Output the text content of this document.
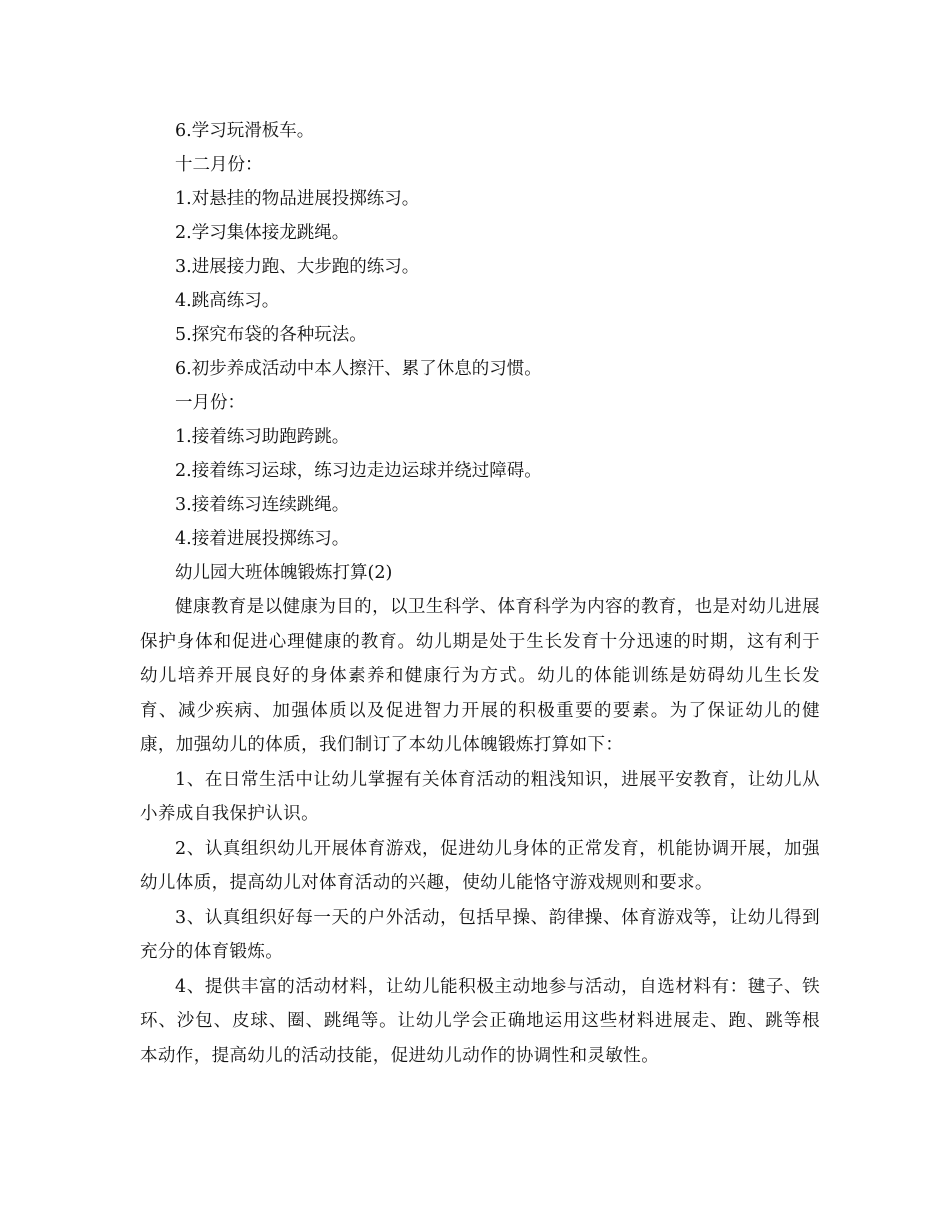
6.学习玩滑板车。
十二月份：
1.对悬挂的物品进展投掷练习。
2.学习集体接龙跳绳。
3.进展接力跑、大步跑的练习。
4.跳高练习。
5.探究布袋的各种玩法。
6.初步养成活动中本人擦汗、累了休息的习惯。
一月份：
1.接着练习助跑跨跳。
2.接着练习运球，练习边走边运球并绕过障碍。
3.接着练习连续跳绳。
4.接着进展投掷练习。
幼儿园大班体魄锻炼打算(2)

健康教育是以健康为目的，以卫生科学、体育科学为内容的教育，也是对幼儿进展保护身体和促进心理健康的教育。幼儿期是处于生长发育十分迅速的时期，这有利于幼儿培养开展良好的身体素养和健康行为方式。幼儿的体能训练是妨碍幼儿生长发育、减少疾病、加强体质以及促进智力开展的积极重要的要素。为了保证幼儿的健康，加强幼儿的体质，我们制订了本幼儿体魄锻炼打算如下：

1、在日常生活中让幼儿掌握有关体育活动的粗浅知识，进展平安教育，让幼儿从小养成自我保护认识。

2、认真组织幼儿开展体育游戏，促进幼儿身体的正常发育，机能协调开展，加强幼儿体质，提高幼儿对体育活动的兴趣，使幼儿能恪守游戏规则和要求。

3、认真组织好每一天的户外活动，包括早操、韵律操、体育游戏等，让幼儿得到充分的体育锻炼。

4、提供丰富的活动材料，让幼儿能积极主动地参与活动，自选材料有：毽子、铁环、沙包、皮球、圈、跳绳等。让幼儿学会正确地运用这些材料进展走、跑、跳等根本动作，提高幼儿的活动技能，促进幼儿动作的协调性和灵敏性。
